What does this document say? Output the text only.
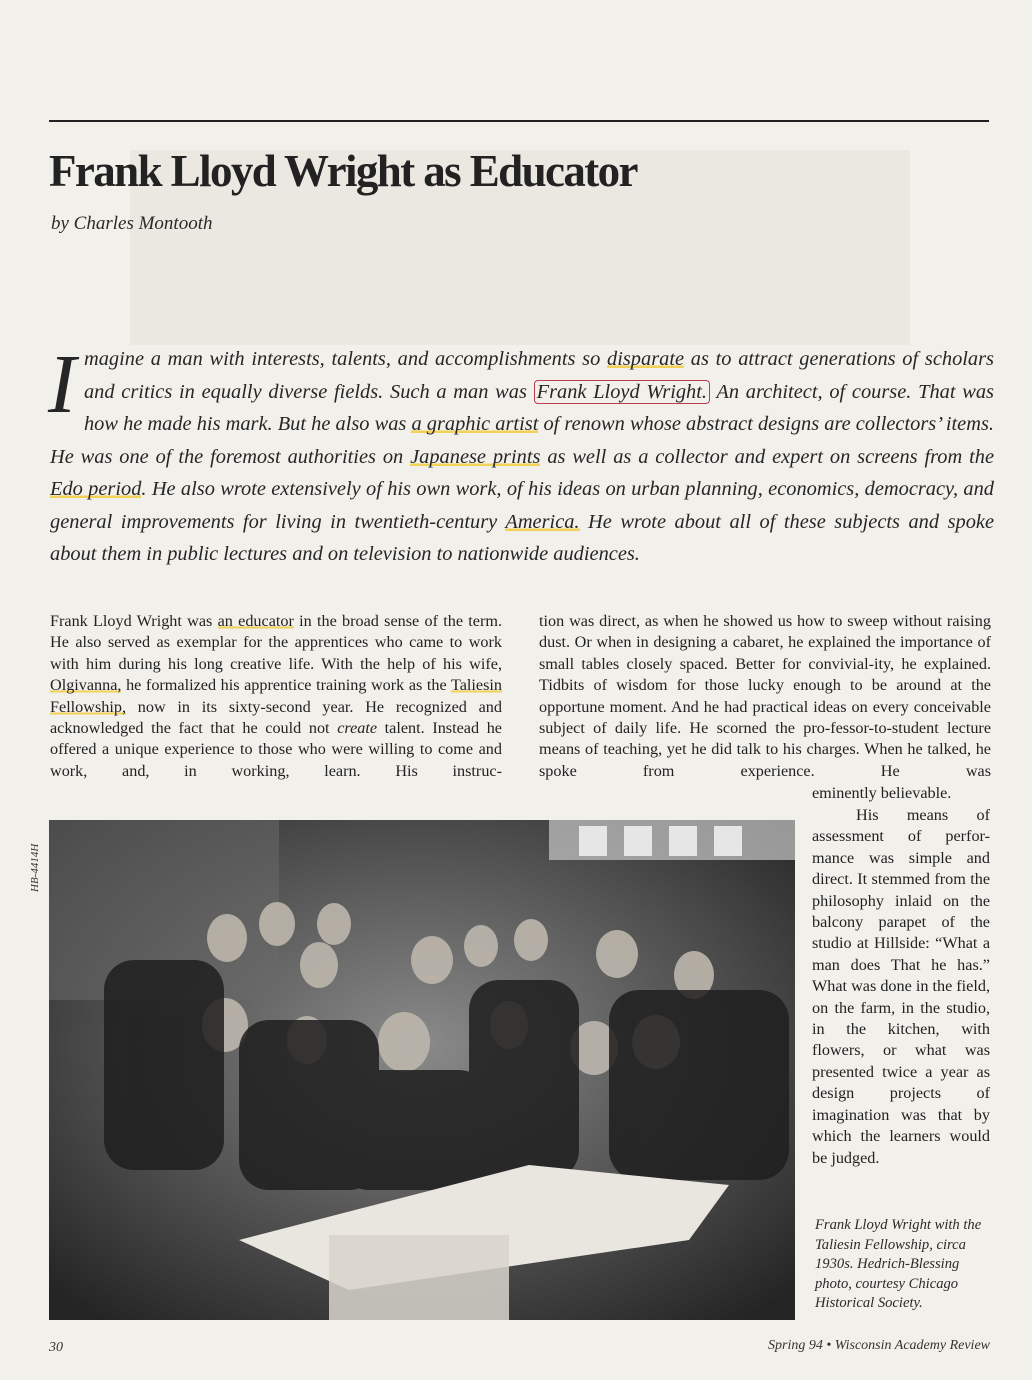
Frank Lloyd Wright as Educator
by Charles Montooth
I magine a man with interests, talents, and accomplishments so disparate as to attract generations of scholars and critics in equally diverse fields. Such a man was Frank Lloyd Wright. An architect, of course. That was how he made his mark. But he also was a graphic artist of renown whose abstract designs are collectors’ items. He was one of the foremost authorities on Japanese prints as well as a collector and expert on screens from the Edo period. He also wrote extensively of his own work, of his ideas on urban planning, economics, democracy, and general improvements for living in twentieth-century America. He wrote about all of these subjects and spoke about them in public lectures and on television to nationwide audiences.
Frank Lloyd Wright was an educator in the broad sense of the term. He also served as exemplar for the apprentices who came to work with him during his long creative life. With the help of his wife, Olgivanna, he formalized his apprentice training work as the Taliesin Fellowship, now in its sixty-second year. He recognized and acknowledged the fact that he could not create talent. Instead he offered a unique experience to those who were willing to come and work, and, in working, learn. His instruc-
tion was direct, as when he showed us how to sweep without raising dust. Or when in designing a cabaret, he explained the importance of small tables closely spaced. Better for convivial-ity, he explained. Tidbits of wisdom for those lucky enough to be around at the opportune moment. And he had practical ideas on every conceivable subject of daily life. He scorned the pro-fessor-to-student lecture means of teaching, yet he did talk to his charges. When he talked, he spoke from experience. He was
eminently believable.
His means of assessment of perfor-mance was simple and direct. It stemmed from the philosophy inlaid on the balcony parapet of the studio at Hillside: “What a man does That he has.” What was done in the field, on the farm, in the studio, in the kitchen, with flowers, or what was presented twice a year as design projects of imagination was that by which the learners would be judged.
Frank Lloyd Wright with the Taliesin Fellowship, circa 1930s. Hedrich-Blessing photo, courtesy Chicago Historical Society.
HB-4414H
30	Spring 94 • Wisconsin Academy Review
